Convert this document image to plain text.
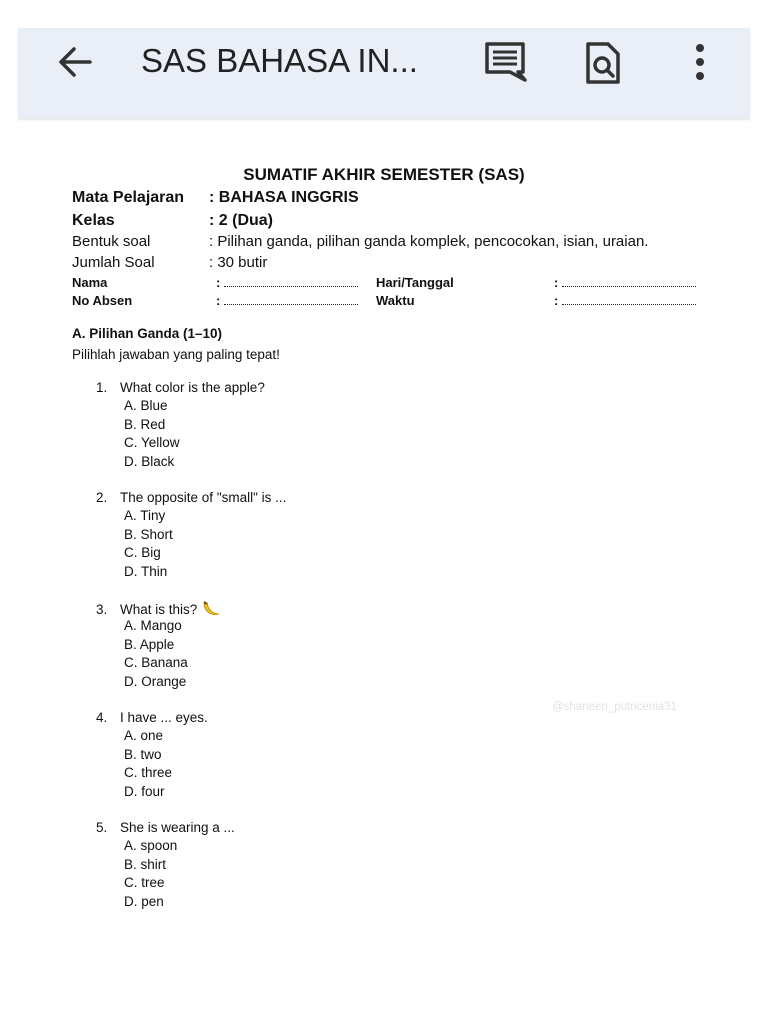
SAS BAHASA IN...
SUMATIF AKHIR SEMESTER (SAS)
Mata Pelajaran : BAHASA INGGRIS
Kelas	: 2 (Dua)
Bentuk soal	: Pilihan ganda, pilihan ganda komplek, pencocokan, isian, uraian.
Jumlah Soal	: 30 butir
Nama	:	Hari/Tanggal	:
No Absen	:	Waktu	:
A. Pilihan Ganda (1–10)
Pilihlah jawaban yang paling tepat!
1. What color is the apple?
A. Blue
B. Red
C. Yellow
D. Black
2. The opposite of "small" is ...
A. Tiny
B. Short
C. Big
D. Thin
3. What is this?
A. Mango
B. Apple
C. Banana
D. Orange
4. I have ... eyes.
A. one
B. two
C. three
D. four
5. She is wearing a ...
A. spoon
B. shirt
C. tree
D. pen
@shaneen_putricenia31
